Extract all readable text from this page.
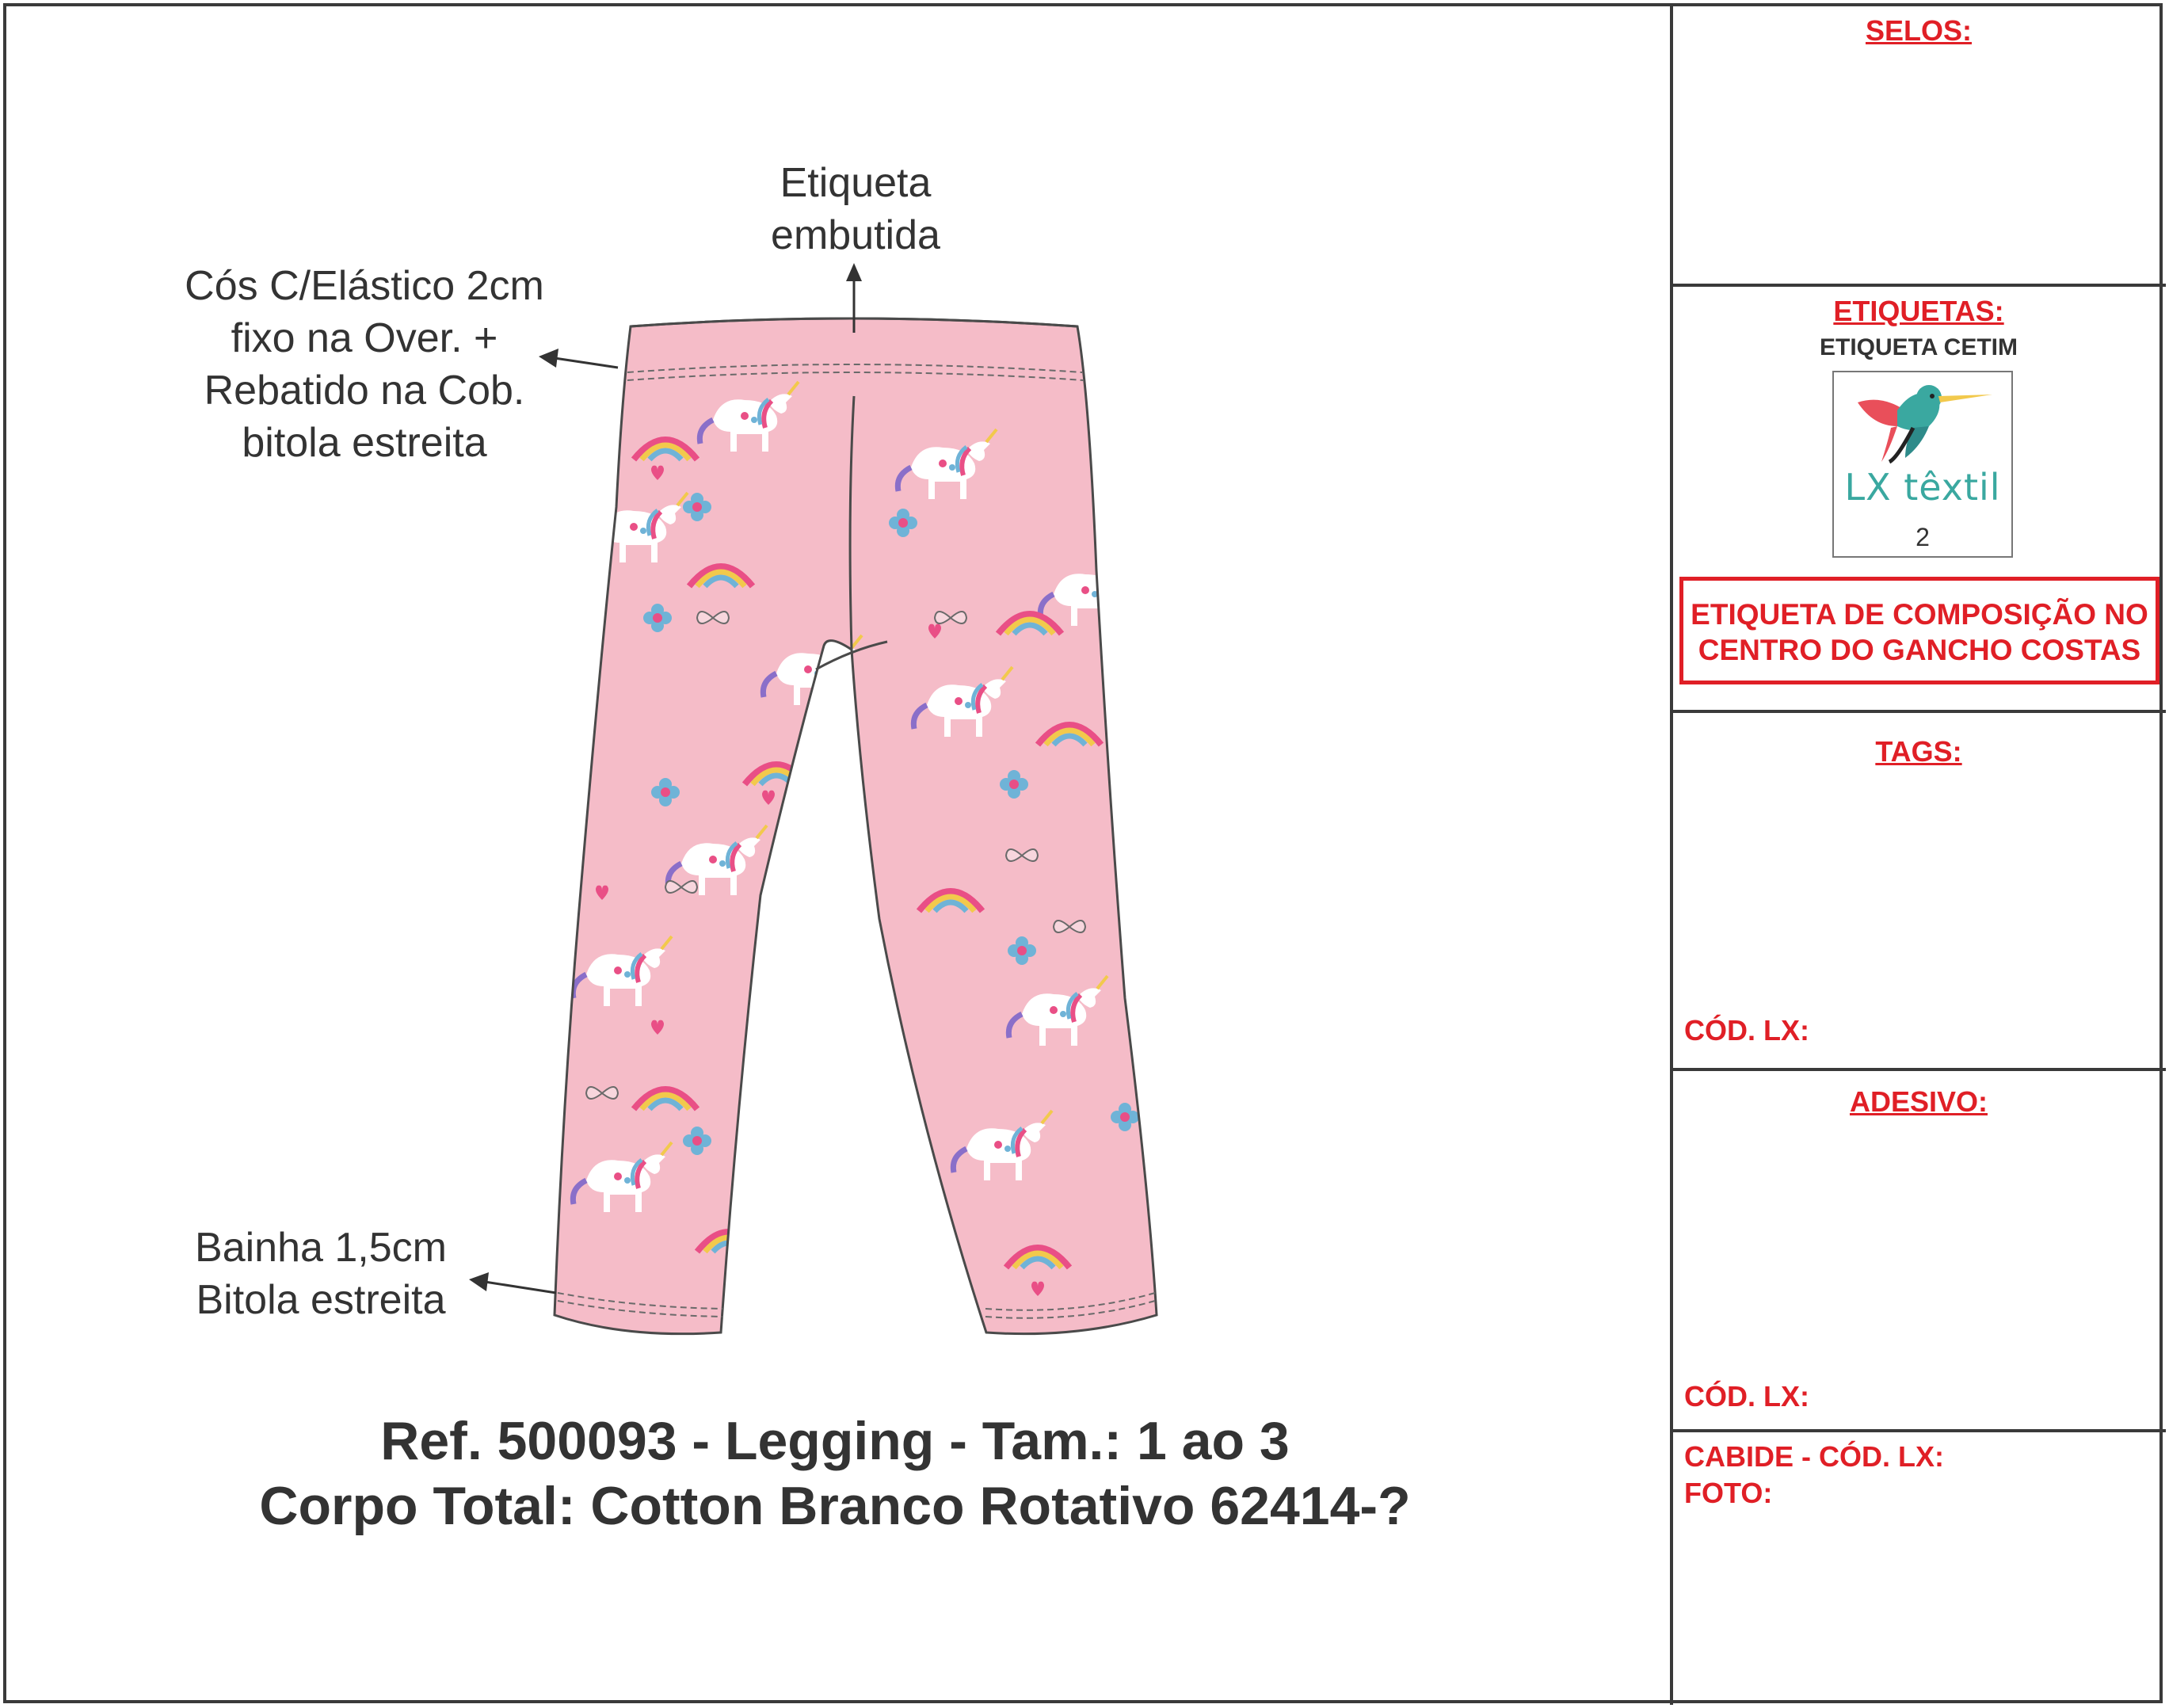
Etiqueta
embutida
Cós C/Elástico 2cm
fixo na Over. +
Rebatido na Cob.
bitola estreita
Bainha 1,5cm
Bitola estreita
Ref. 500093 - Legging - Tam.: 1 ao 3
Corpo Total: Cotton Branco Rotativo 62414-?
SELOS:
ETIQUETAS:
ETIQUETA CETIM
LX têxtil
2
ETIQUETA DE COMPOSIÇÃO NO
CENTRO DO GANCHO COSTAS
TAGS:
CÓD. LX:
ADESIVO:
CÓD. LX:
CABIDE - CÓD. LX:
FOTO:
